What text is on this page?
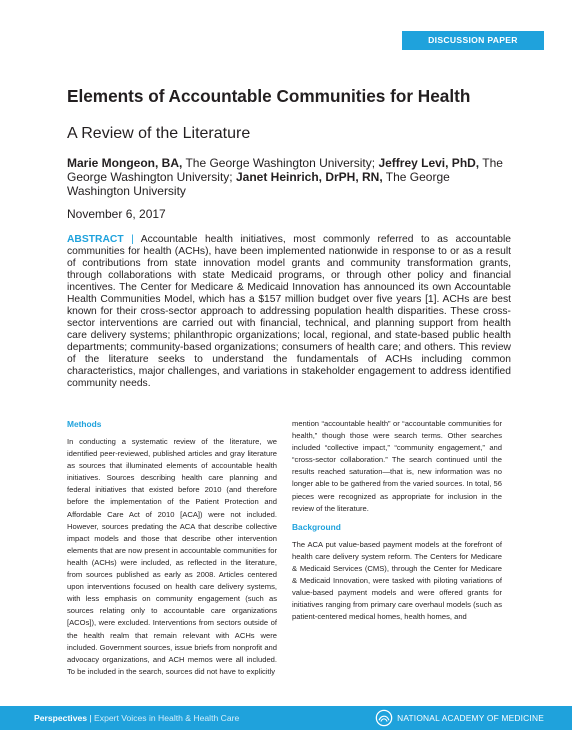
DISCUSSION PAPER
Elements of Accountable Communities for Health
A Review of the Literature
Marie Mongeon, BA, The George Washington University; Jeffrey Levi, PhD, The George Washington University; Janet Heinrich, DrPH, RN, The George Washington University
November 6, 2017

ABSTRACT | Accountable health initiatives, most commonly referred to as accountable communities for health (ACHs), have been implemented nationwide in response to or as a result of contributions from state innovation model grants and community transformation grants, through collaborations with state Medicaid programs, or through other policy and financial incentives. The Center for Medicare & Medicaid Innovation has announced its own Accountable Health Communities Model, which has a $157 million budget over five years [1]. ACHs are best known for their cross-sector approach to addressing population health disparities. These cross-sector interventions are carried out with financial, technical, and planning support from health care delivery systems; philanthropic organizations; local, regional, and state-based public health departments; community-based organizations; consumers of health care; and others. This review of the literature seeks to understand the fundamentals of ACHs including common characteristics, major challenges, and variations in stakeholder engagement to address identified community needs.

Methods

In conducting a systematic review of the literature, we identified peer-reviewed, published articles and gray literature as sources that illuminated elements of accountable health initiatives. Sources describing health care planning and federal initiatives that existed before 2010 (and therefore before the implementation of the Patient Protection and Affordable Care Act of 2010 [ACA]) were not included. However, sources predating the ACA that describe collective impact models and those that describe other intervention elements that are now present in accountable communities for health (ACHs) were included, as reflected in the literature, from sources published as early as 2008. Articles centered upon interventions focused on health care delivery systems, with less emphasis on community engagement (such as sources relating only to accountable care organizations [ACOs]), were excluded. Interventions from sectors outside of the health realm that remain relevant with ACHs were included. Government sources, issue briefs from nonprofit and advocacy organizations, and ACH memos were all included. To be included in the search, sources did not have to explicitly

mention “accountable health” or “accountable communities for health,” though those were search terms. Other searches included “collective impact,” “community engagement,” and “cross-sector collaboration.” The search continued until the results reached saturation—that is, new information was no longer able to be gathered from the varied sources. In total, 56 pieces were recognized as appropriate for inclusion in the review of the literature.

Background

The ACA put value-based payment models at the forefront of health care delivery system reform. The Centers for Medicare & Medicaid Services (CMS), through the Center for Medicare & Medicaid Innovation, were tasked with piloting variations of value-based payment models and were offered grants for initiatives ranging from primary care overhaul models (such as patient-centered medical homes, health homes, and

Perspectives | Expert Voices in Health & Health Care	NATIONAL ACADEMY OF MEDICINE
